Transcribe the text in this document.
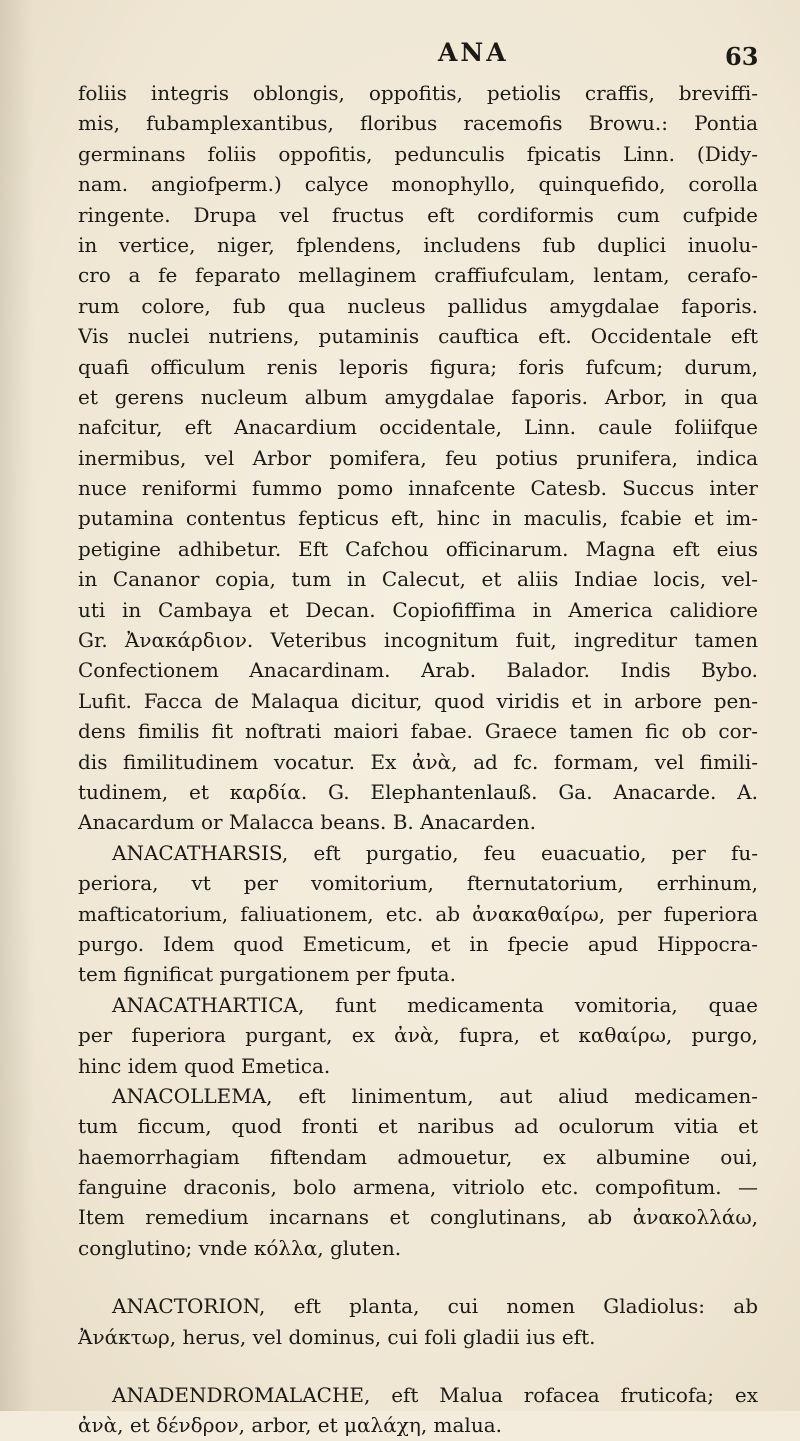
ANA	63
foliis integris oblongis, oppofitis, petiolis craffis, breviffi-
mis, fubamplexantibus, floribus racemofis Browu.: Pontia
germinans foliis oppofitis, pedunculis fpicatis Linn. (Didy-
nam. angiofperm.) calyce monophyllo, quinquefido, corolla
ringente. Drupa vel fructus eft cordiformis cum cufpide
in vertice, niger, fplendens, includens fub duplici inuolu-
cro a fe feparato mellaginem craffiufculam, lentam, cerafo-
rum colore, fub qua nucleus pallidus amygdalae faporis.
Vis nuclei nutriens, putaminis cauftica eft. Occidentale eft
quafi officulum renis leporis figura; foris fufcum; durum,
et gerens nucleum album amygdalae faporis. Arbor, in qua
nafcitur, eft Anacardium occidentale, Linn. caule foliifque
inermibus, vel Arbor pomifera, feu potius prunifera, indica
nuce reniformi fummo pomo innafcente Catesb. Succus inter
putamina contentus fepticus eft, hinc in maculis, fcabie et im-
petigine adhibetur. Eft Cafchou officinarum. Magna eft eius
in Cananor copia, tum in Calecut, et aliis Indiae locis, vel-
uti in Cambaya et Decan. Copiofiffima in America calidiore
Gr. Ἀνακάρδιον. Veteribus incognitum fuit, ingreditur tamen
Confectionem Anacardinam. Arab. Balador. Indis Bybo.
Lufit. Facca de Malaqua dicitur, quod viridis et in arbore pen-
dens fimilis fit noftrati maiori fabae. Graece tamen fic ob cor-
dis fimilitudinem vocatur. Ex ἀνὰ, ad fc. formam, vel fimili-
tudinem, et καρδία. G. Elephantenlauß. Ga. Anacarde. A.
Anacardum or Malacca beans. B. Anacarden.
ANACATHARSIS, eft purgatio, feu euacuatio, per fu-
periora, vt per vomitorium, fternutatorium, errhinum,
mafticatorium, faliuationem, etc. ab ἀνακαθαίρω, per fuperiora
purgo. Idem quod Emeticum, et in fpecie apud Hippocra-
tem fignificat purgationem per fputa.
ANACATHARTICA, funt medicamenta vomitoria, quae
per fuperiora purgant, ex ἀνὰ, fupra, et καθαίρω, purgo,
hinc idem quod Emetica.
ANACOLLEMA, eft linimentum, aut aliud medicamen-
tum ficcum, quod fronti et naribus ad oculorum vitia et
haemorrhagiam fiftendam admouetur, ex albumine oui,
fanguine draconis, bolo armena, vitriolo etc. compofitum. —
Item remedium incarnans et conglutinans, ab ἀνακολλάω,
conglutino; vnde κόλλα, gluten.
ANACTORION, eft planta, cui nomen Gladiolus: ab
Ἀνάκτωρ, herus, vel dominus, cui foli gladii ius eft.
ANADENDROMALACHE, eft Malua rofacea fruticofa; ex
ἀνὰ, et δένδρον, arbor, et μαλάχη, malua.
